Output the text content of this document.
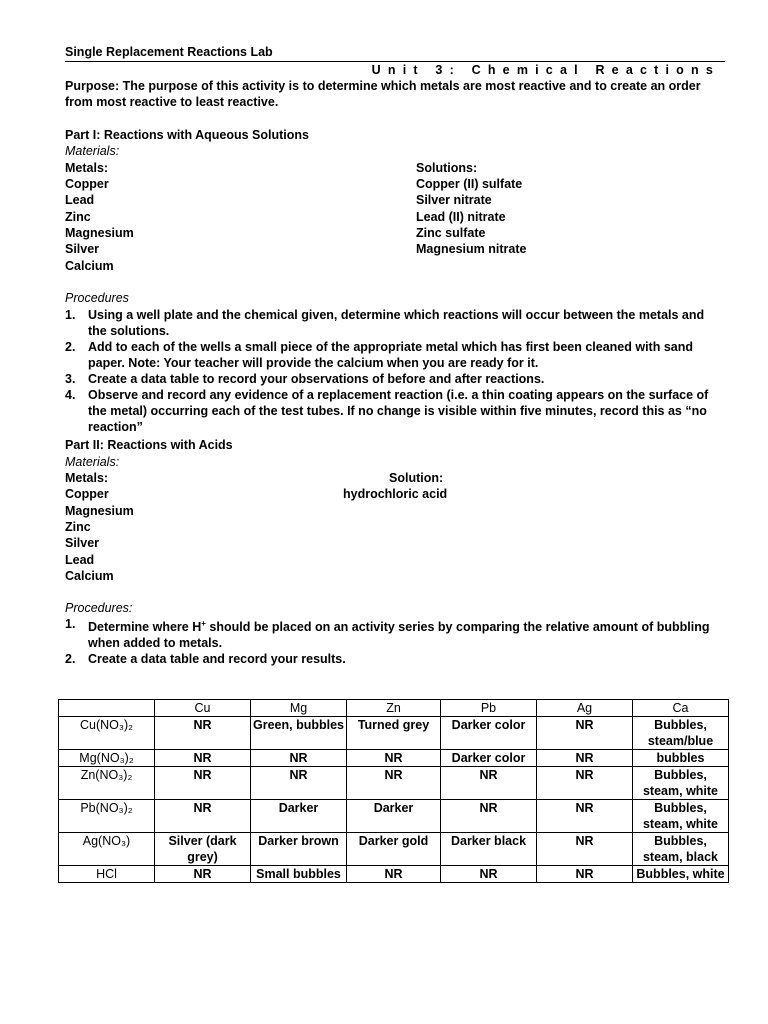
Single Replacement Reactions Lab
Unit 3: Chemical Reactions
Purpose: The purpose of this activity is to determine which metals are most reactive and to create an order from most reactive to least reactive.
Part I: Reactions with Aqueous Solutions
Materials:
Metals:
Copper
Lead
Zinc
Magnesium
Silver
Calcium
Solutions:
Copper (II) sulfate
Silver nitrate
Lead (II) nitrate
Zinc sulfate
Magnesium nitrate
Procedures
1. Using a well plate and the chemical given, determine which reactions will occur between the metals and the solutions.
2. Add to each of the wells a small piece of the appropriate metal which has first been cleaned with sand paper. Note: Your teacher will provide the calcium when you are ready for it.
3. Create a data table to record your observations of before and after reactions.
4. Observe and record any evidence of a replacement reaction (i.e. a thin coating appears on the surface of the metal) occurring each of the test tubes. If no change is visible within five minutes, record this as “no reaction”
Part II: Reactions with Acids
Materials:
Metals:
Copper
Magnesium
Zinc
Silver
Lead
Calcium
Solution:
hydrochloric acid
Procedures:
1. Determine where H+ should be placed on an activity series by comparing the relative amount of bubbling when added to metals.
2. Create a data table and record your results.
	Cu	Mg	Zn	Pb	Ag	Ca
Cu(NO₃)₂	NR	Green, bubbles	Turned grey	Darker color	NR	Bubbles, steam/blue
Mg(NO₃)₂	NR	NR	NR	Darker color	NR	bubbles
Zn(NO₃)₂	NR	NR	NR	NR	NR	Bubbles, steam, white
Pb(NO₃)₂	NR	Darker	Darker	NR	NR	Bubbles, steam, white
Ag(NO₃)	Silver (dark grey)	Darker brown	Darker gold	Darker black	NR	Bubbles, steam, black
HCl	NR	Small bubbles	NR	NR	NR	Bubbles, white
